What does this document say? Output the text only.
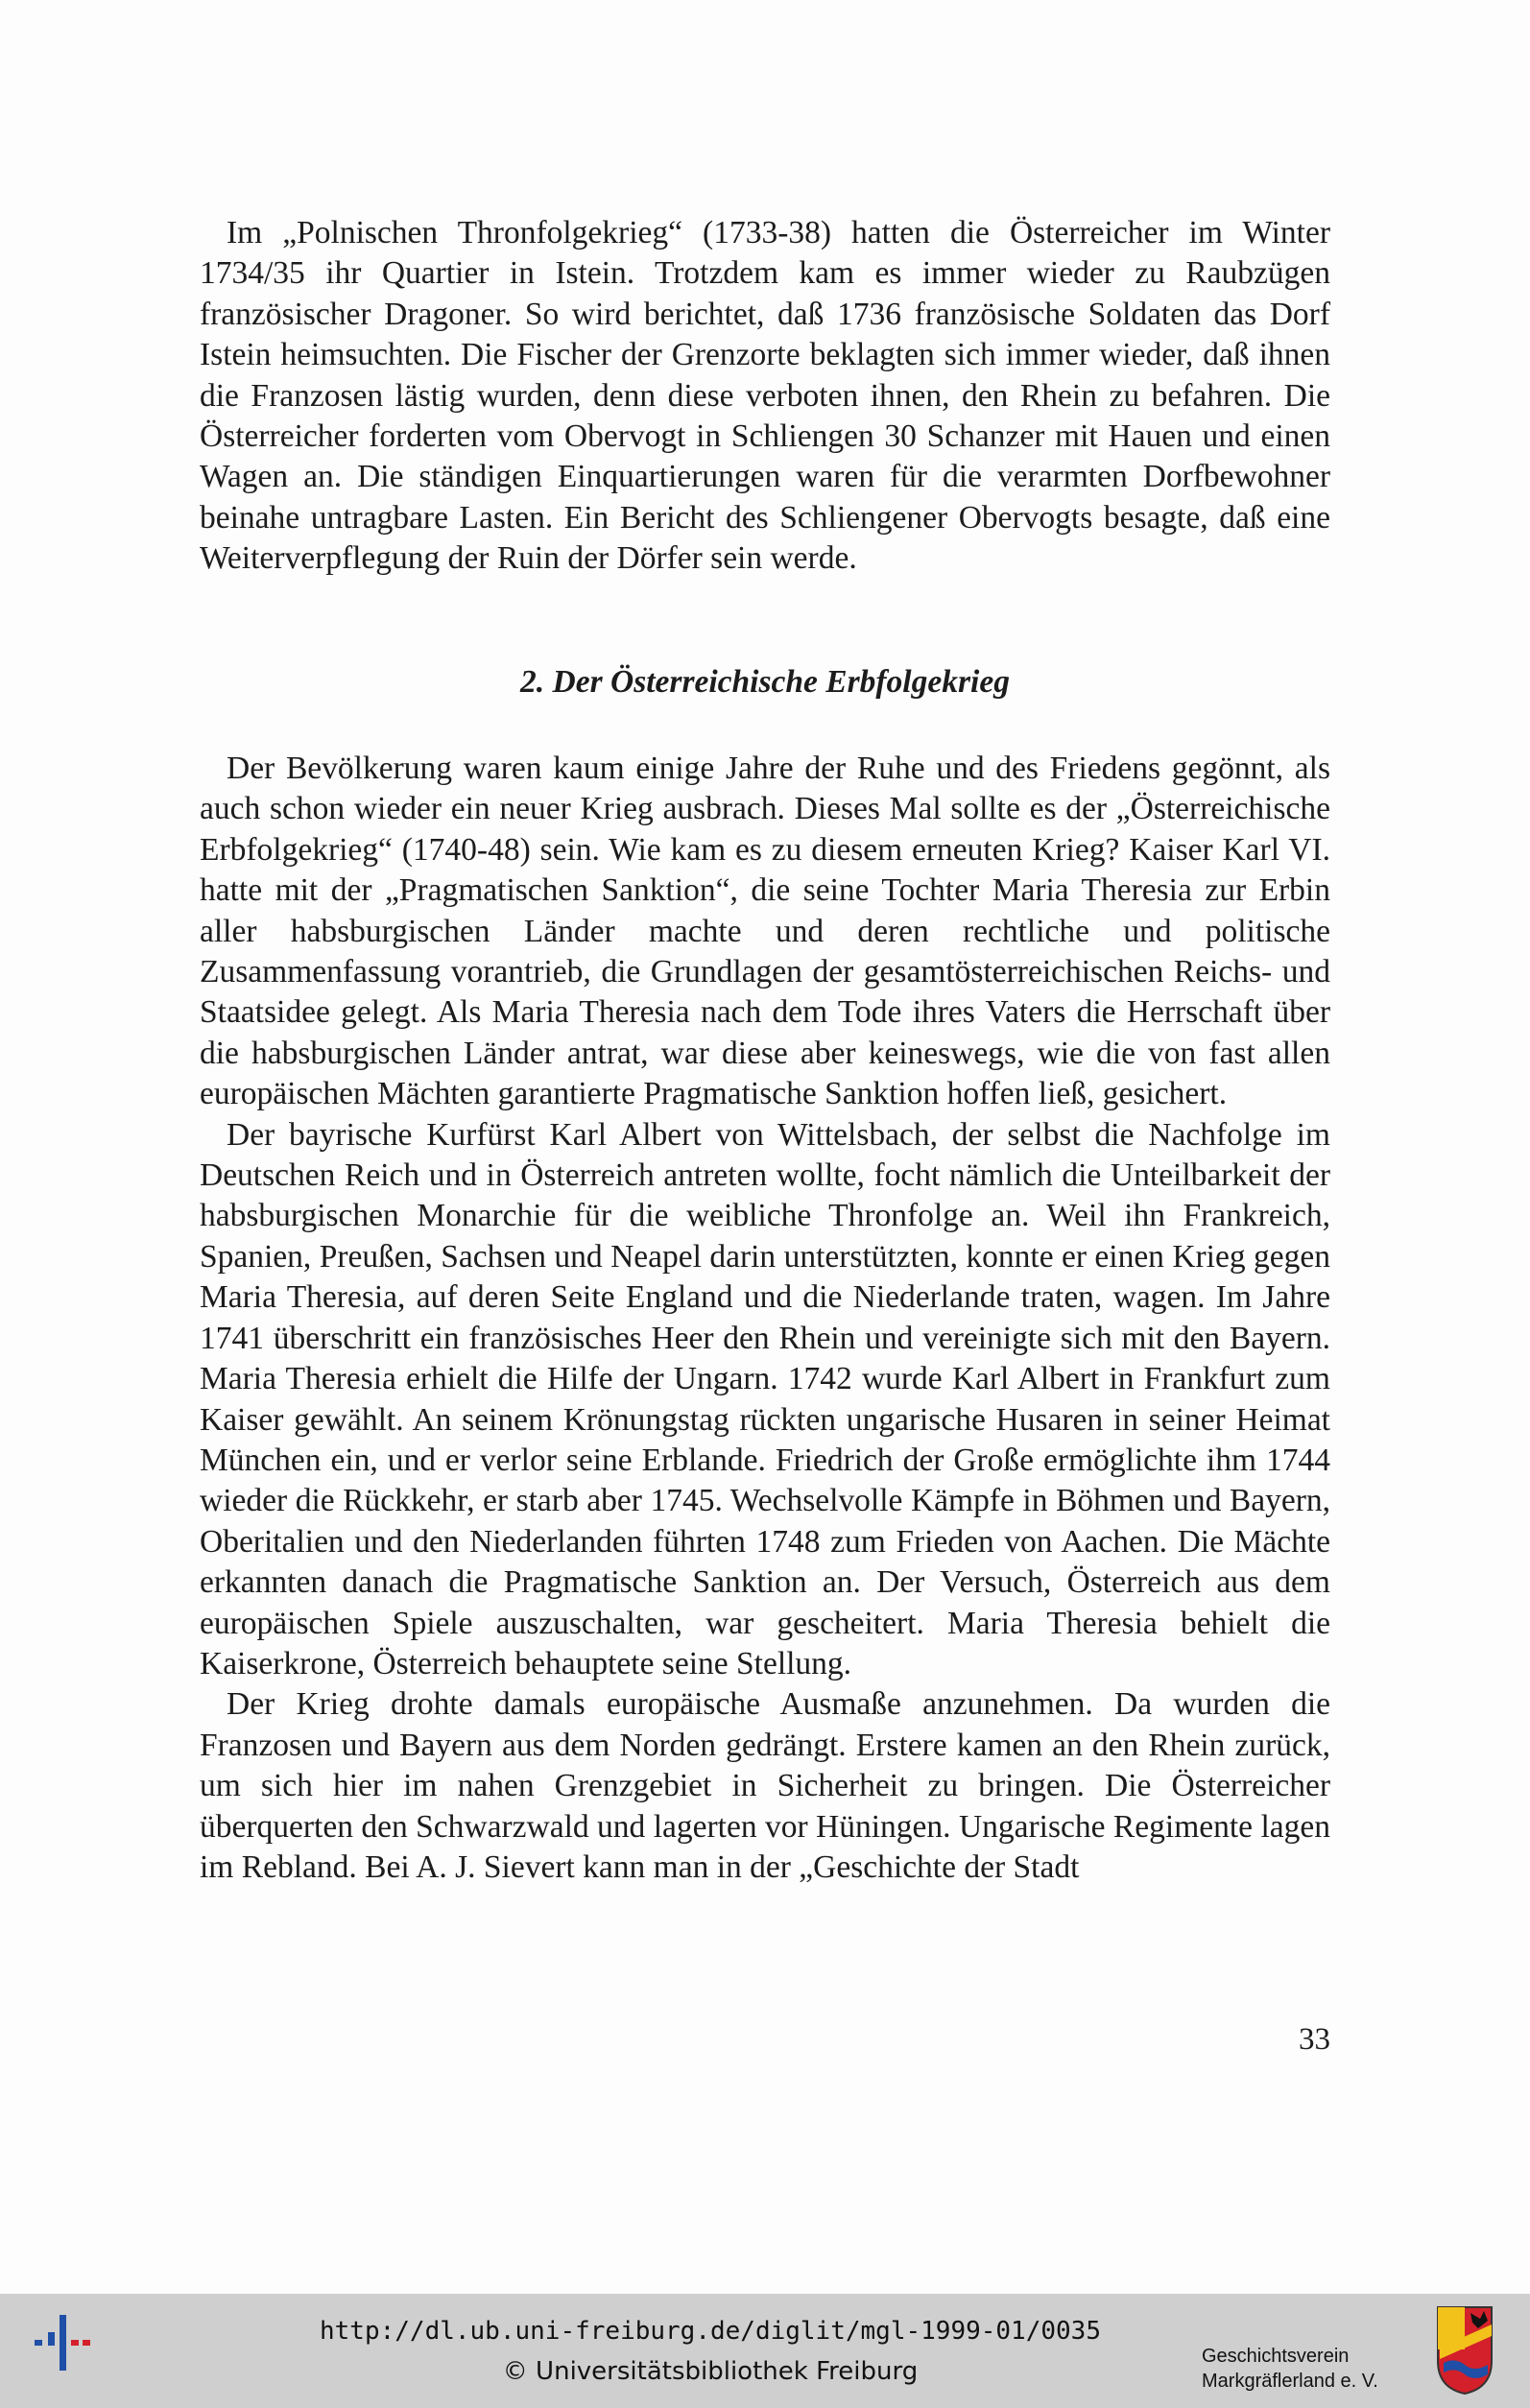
Im „Polnischen Thronfolgekrieg“ (1733-38) hatten die Österreicher im Winter 1734/35 ihr Quartier in Istein. Trotzdem kam es immer wieder zu Raubzügen französischer Dragoner. So wird berichtet, daß 1736 französische Soldaten das Dorf Istein heimsuchten. Die Fischer der Grenzorte beklagten sich immer wieder, daß ihnen die Franzosen lästig wurden, denn diese verboten ihnen, den Rhein zu befahren. Die Österreicher forderten vom Obervogt in Schliengen 30 Schanzer mit Hauen und einen Wagen an. Die ständigen Einquartierungen waren für die verarmten Dorfbewohner beinahe untragbare Lasten. Ein Bericht des Schliengener Obervogts besagte, daß eine Weiterverpflegung der Ruin der Dörfer sein werde.

2. Der Österreichische Erbfolgekrieg

Der Bevölkerung waren kaum einige Jahre der Ruhe und des Friedens gegönnt, als auch schon wieder ein neuer Krieg ausbrach. Dieses Mal sollte es der „Österreichische Erbfolgekrieg“ (1740-48) sein. Wie kam es zu diesem erneuten Krieg? Kaiser Karl VI. hatte mit der „Pragmatischen Sanktion“, die seine Tochter Maria Theresia zur Erbin aller habsburgischen Länder machte und deren rechtliche und politische Zusammenfassung vorantrieb, die Grundlagen der gesamtösterreichischen Reichs- und Staatsidee gelegt. Als Maria Theresia nach dem Tode ihres Vaters die Herrschaft über die habsburgischen Länder antrat, war diese aber keineswegs, wie die von fast allen europäischen Mächten garantierte Pragmatische Sanktion hoffen ließ, gesichert.

Der bayrische Kurfürst Karl Albert von Wittelsbach, der selbst die Nachfolge im Deutschen Reich und in Österreich antreten wollte, focht nämlich die Unteilbarkeit der habsburgischen Monarchie für die weibliche Thronfolge an. Weil ihn Frankreich, Spanien, Preußen, Sachsen und Neapel darin unterstützten, konnte er einen Krieg gegen Maria Theresia, auf deren Seite England und die Niederlande traten, wagen. Im Jahre 1741 überschritt ein französisches Heer den Rhein und vereinigte sich mit den Bayern. Maria Theresia erhielt die Hilfe der Ungarn. 1742 wurde Karl Albert in Frankfurt zum Kaiser gewählt. An seinem Krönungstag rückten ungarische Husaren in seiner Heimat München ein, und er verlor seine Erblande. Friedrich der Große ermöglichte ihm 1744 wieder die Rückkehr, er starb aber 1745. Wechselvolle Kämpfe in Böhmen und Bayern, Oberitalien und den Niederlanden führten 1748 zum Frieden von Aachen. Die Mächte erkannten danach die Pragmatische Sanktion an. Der Versuch, Österreich aus dem europäischen Spiele auszuschalten, war gescheitert. Maria Theresia behielt die Kaiserkrone, Österreich behauptete seine Stellung.

Der Krieg drohte damals europäische Ausmaße anzunehmen. Da wurden die Franzosen und Bayern aus dem Norden gedrängt. Erstere kamen an den Rhein zurück, um sich hier im nahen Grenzgebiet in Sicherheit zu bringen. Die Österreicher überquerten den Schwarzwald und lagerten vor Hüningen. Ungarische Regimente lagen im Rebland. Bei A. J. Sievert kann man in der „Geschichte der Stadt

33
http://dl.ub.uni-freiburg.de/diglit/mgl-1999-01/0035
© Universitätsbibliothek Freiburg
Geschichtsverein
Markgräflerland e. V.
